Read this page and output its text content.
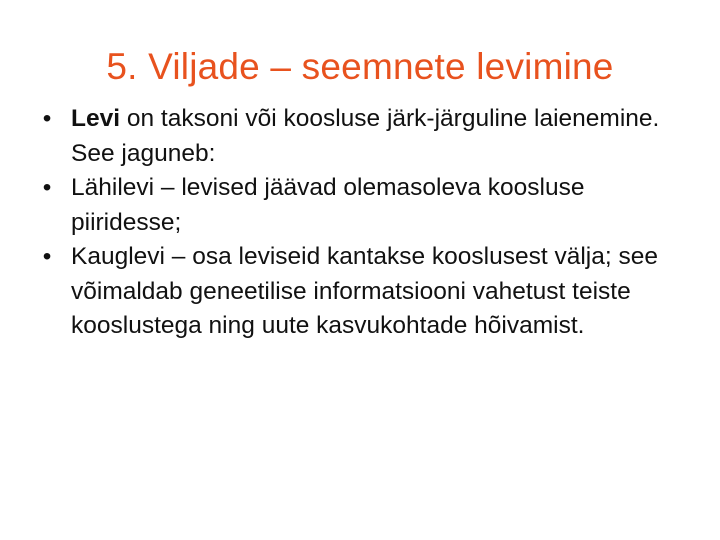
5. Viljade – seemnete levimine
• Levi on taksoni või koosluse järk-järguline laienemine. See jaguneb:
• Lähilevi – levised jäävad olemasoleva koosluse piiridesse;
• Kauglevi – osa leviseid kantakse kooslusest välja; see võimaldab geneetilise informatsiooni vahetust teiste kooslustega ning uute kasvukohtade hõivamist.
